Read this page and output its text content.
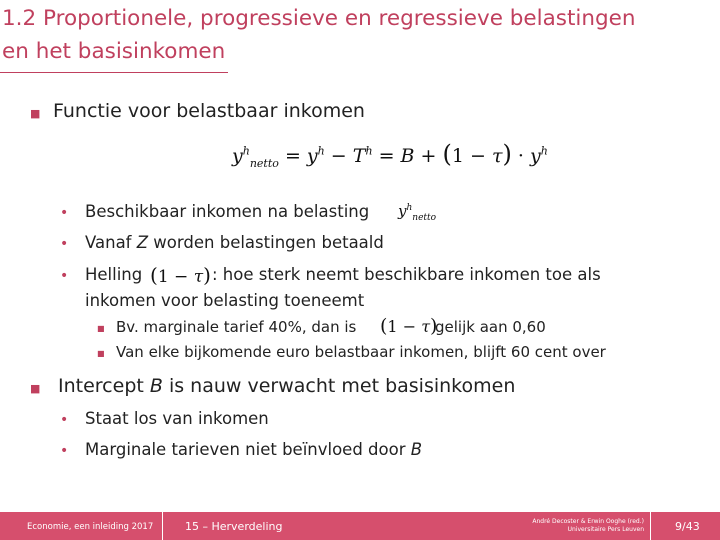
1.2 Proportionele, progressieve en regressieve belastingen
en het basisinkomen
■ Functie voor belastbaar inkomen
$y^h_{netto} = y^h - T^h = B + (1 - \tau) \cdot y^h$
• Beschikbaar inkomen na belasting $y^h_{netto}$
• Vanaf Z worden belastingen betaald
• Helling (1 − τ) : hoe sterk neemt beschikbare inkomen toe als
inkomen voor belasting toeneemt
■ Bv. marginale tarief 40%, dan is (1 − τ)
gelijk aan 0,60
■ Van elke bijkomende euro belastbaar inkomen, blijft 60 cent over
■ Intercept B is nauw verwacht met basisinkomen
• Staat los van inkomen
• Marginale tarieven niet beïnvloed door B
Economie, een inleiding 2017	15 – Herverdeling	André Decoster & Erwin Ooghe (red.)
Universitaire Pers Leuven	9/43
